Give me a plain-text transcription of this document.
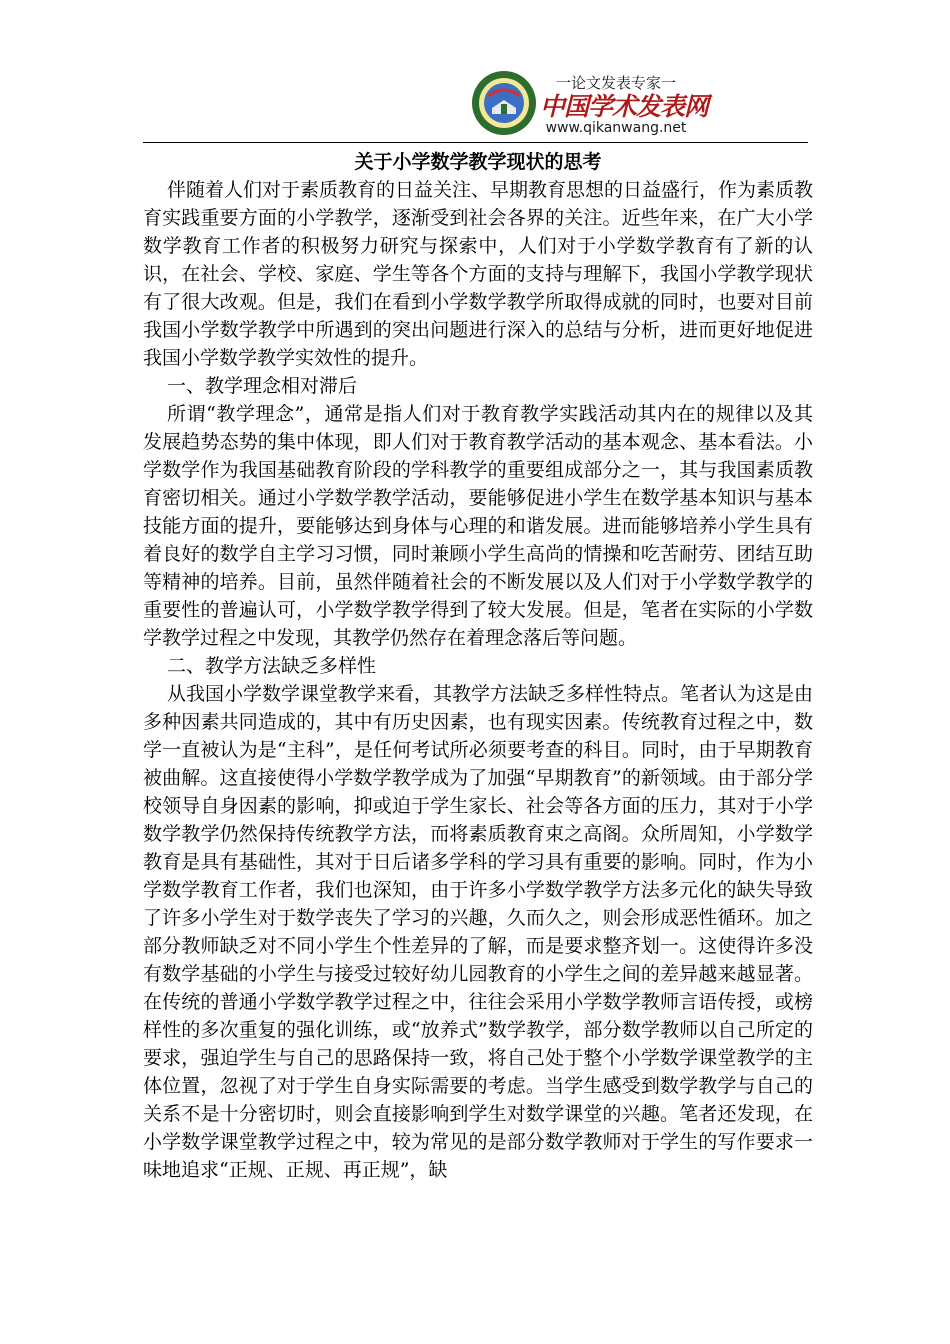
一论文发表专家一
中国学术发表网
www.qikanwang.net
关于小学数学教学现状的思考

伴随着人们对于素质教育的日益关注、早期教育思想的日益盛行，作为素质教育实践重要方面的小学教学，逐渐受到社会各界的关注。近些年来，在广大小学数学教育工作者的积极努力研究与探索中，人们对于小学数学教育有了新的认识，在社会、学校、家庭、学生等各个方面的支持与理解下，我国小学教学现状有了很大改观。但是，我们在看到小学数学教学所取得成就的同时，也要对目前我国小学数学教学中所遇到的突出问题进行深入的总结与分析，进而更好地促进我国小学数学教学实效性的提升。

一、教学理念相对滞后

所谓“教学理念”，通常是指人们对于教育教学实践活动其内在的规律以及其发展趋势态势的集中体现，即人们对于教育教学活动的基本观念、基本看法。小学数学作为我国基础教育阶段的学科教学的重要组成部分之一，其与我国素质教育密切相关。通过小学数学教学活动，要能够促进小学生在数学基本知识与基本技能方面的提升，要能够达到身体与心理的和谐发展。进而能够培养小学生具有着良好的数学自主学习习惯，同时兼顾小学生高尚的情操和吃苦耐劳、团结互助等精神的培养。目前，虽然伴随着社会的不断发展以及人们对于小学数学教学的重要性的普遍认可，小学数学教学得到了较大发展。但是，笔者在实际的小学数学教学过程之中发现，其教学仍然存在着理念落后等问题。

二、教学方法缺乏多样性

从我国小学数学课堂教学来看，其教学方法缺乏多样性特点。笔者认为这是由多种因素共同造成的，其中有历史因素，也有现实因素。传统教育过程之中，数学一直被认为是“主科”，是任何考试所必须要考查的科目。同时，由于早期教育被曲解。这直接使得小学数学教学成为了加强“早期教育”的新领域。由于部分学校领导自身因素的影响，抑或迫于学生家长、社会等各方面的压力，其对于小学数学教学仍然保持传统教学方法，而将素质教育束之高阁。众所周知，小学数学教育是具有基础性，其对于日后诸多学科的学习具有重要的影响。同时，作为小学数学教育工作者，我们也深知，由于许多小学数学教学方法多元化的缺失导致了许多小学生对于数学丧失了学习的兴趣，久而久之，则会形成恶性循环。加之部分教师缺乏对不同小学生个性差异的了解，而是要求整齐划一。这使得许多没有数学基础的小学生与接受过较好幼儿园教育的小学生之间的差异越来越显著。在传统的普通小学数学教学过程之中，往往会采用小学数学教师言语传授，或榜样性的多次重复的强化训练，或“放养式”数学教学，部分数学教师以自己所定的要求，强迫学生与自己的思路保持一致，将自己处于整个小学数学课堂教学的主体位置，忽视了对于学生自身实际需要的考虑。当学生感受到数学教学与自己的关系不是十分密切时，则会直接影响到学生对数学课堂的兴趣。笔者还发现，在小学数学课堂教学过程之中，较为常见的是部分数学教师对于学生的写作要求一味地追求“正规、正规、再正规”，缺
